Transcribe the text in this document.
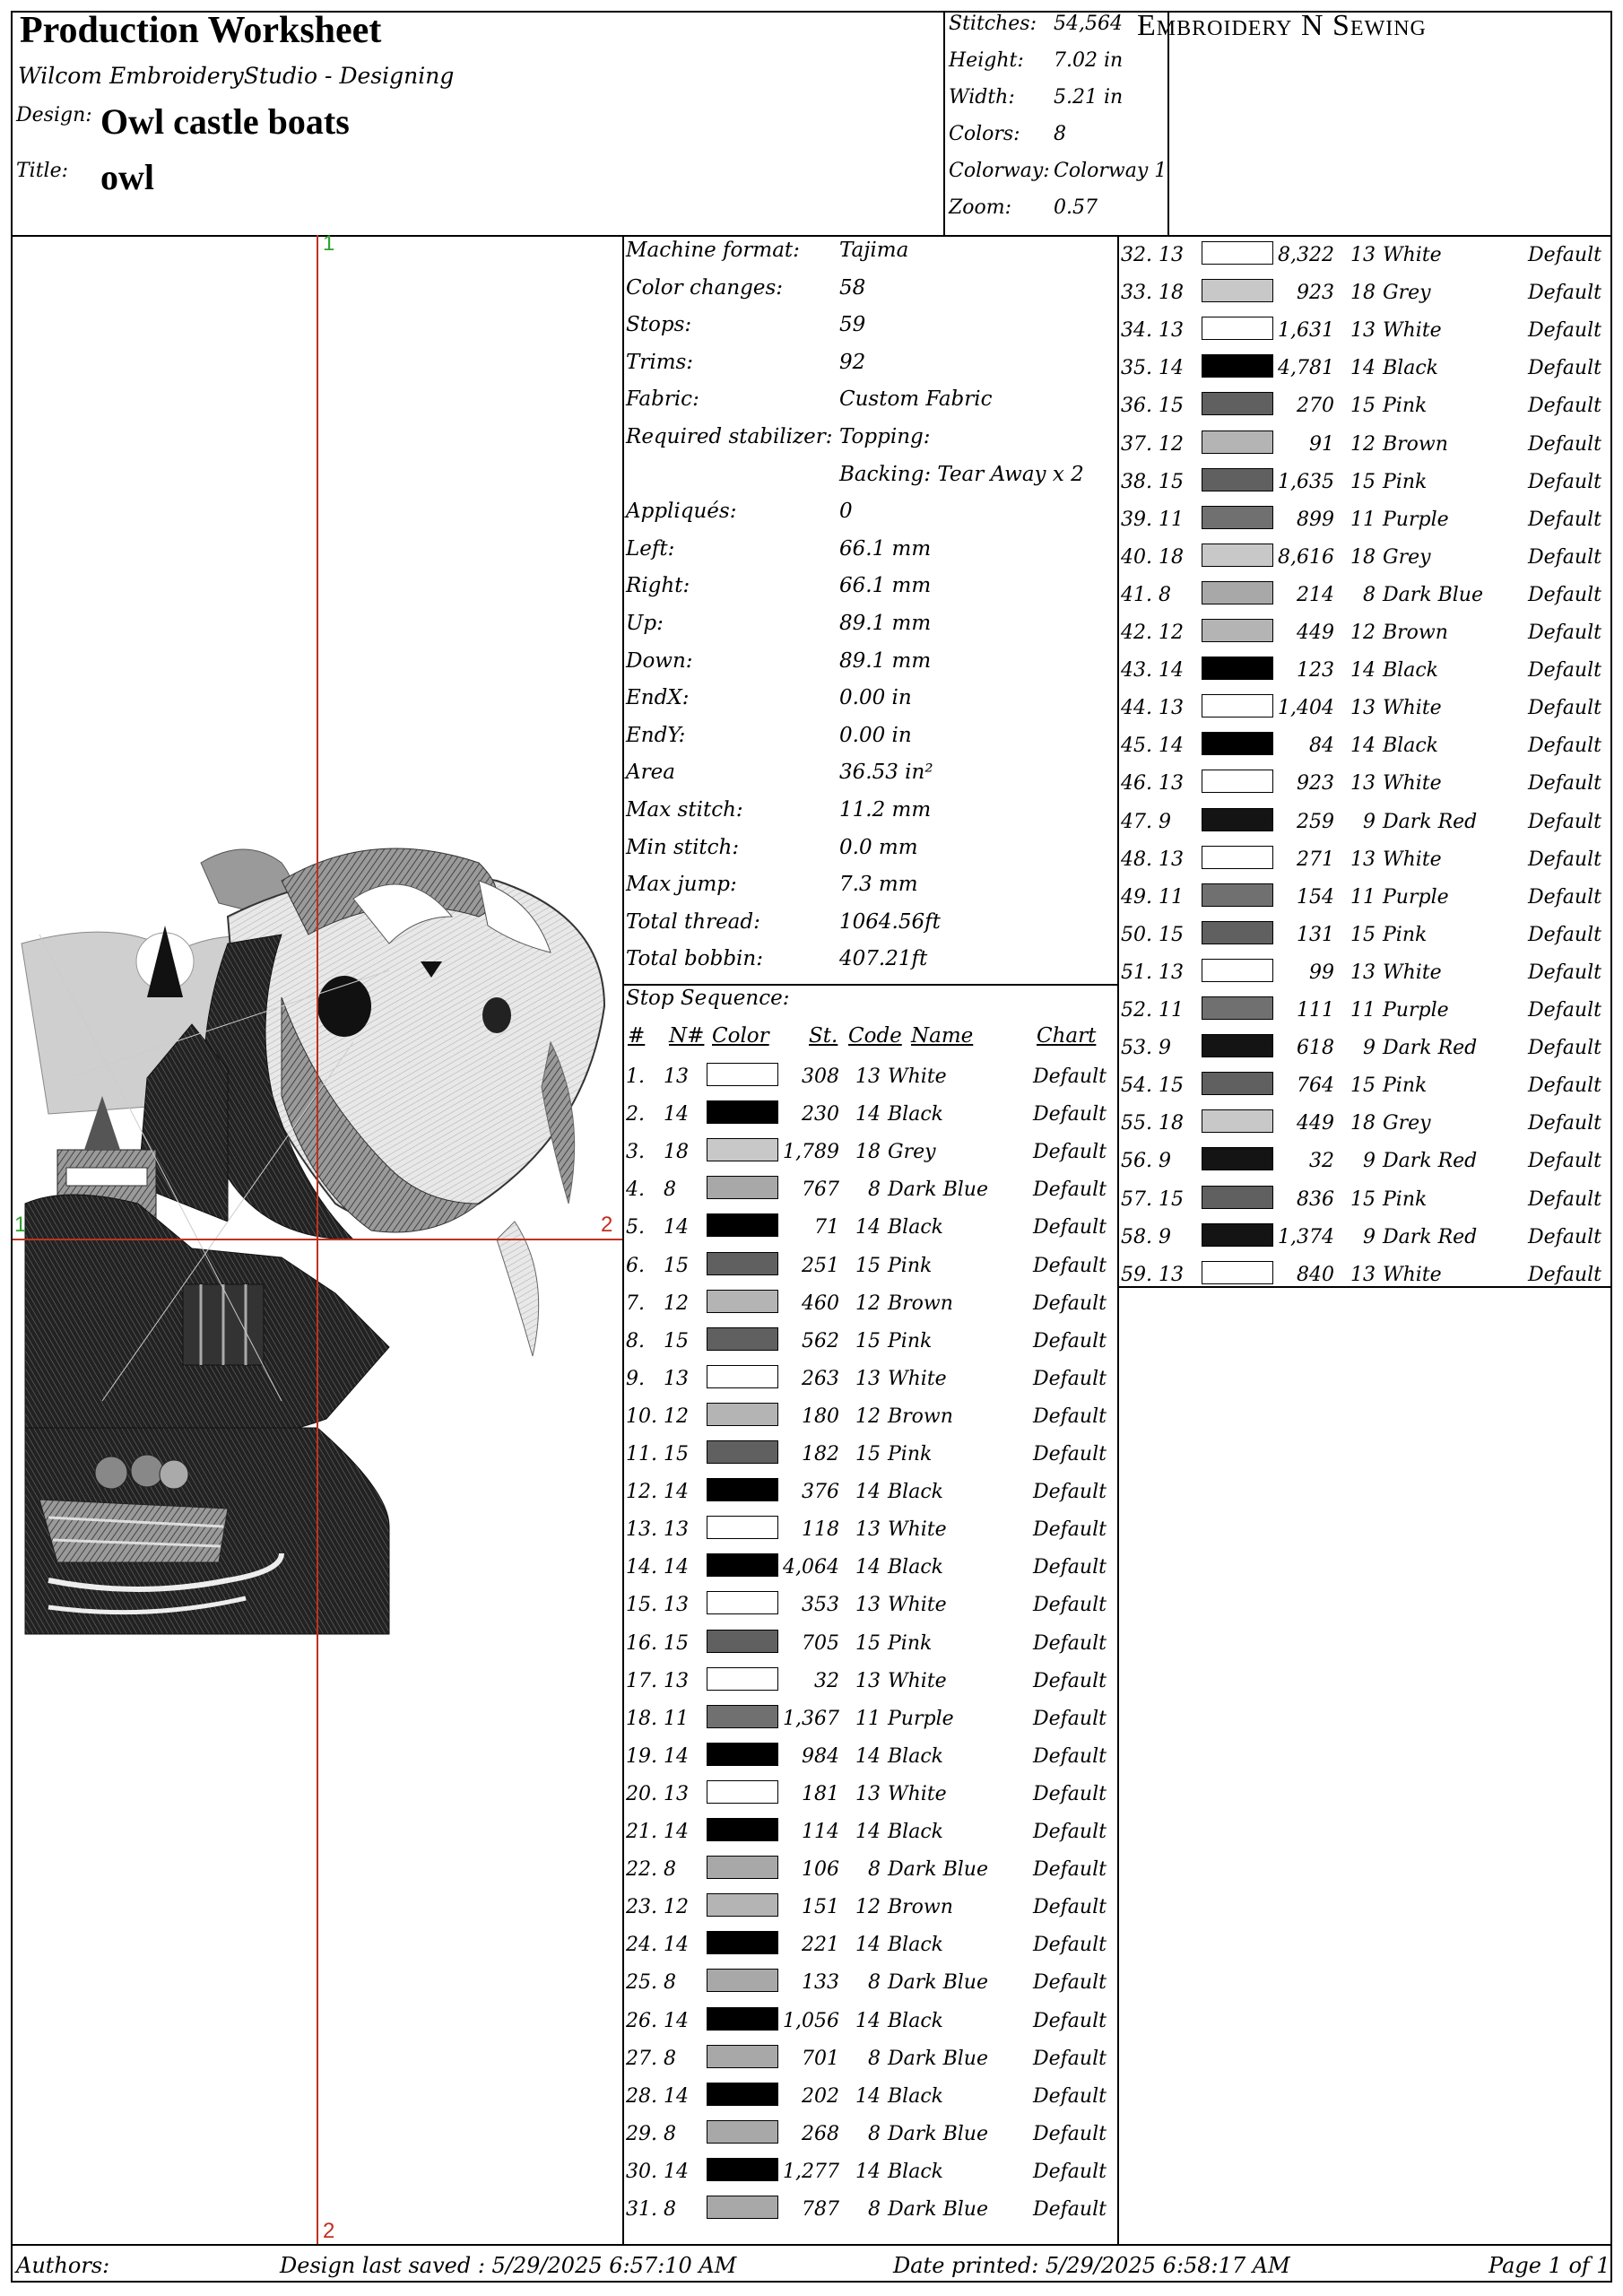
Production Worksheet
Wilcom EmbroideryStudio - Designing
Design: Owl castle boats
Title: owl
Embroidery N Sewing
Stitches: 54,564
Height: 7.02 in
Width: 5.21 in
Colors: 8
Colorway: Colorway 1
Zoom: 0.57
1
1	2
2
Machine format: Tajima
Color changes:	58
Stops:	59
Trims:	92
Fabric:	Custom Fabric
Required stabilizer: Topping:
Backing: Tear Away x 2
Appliqués:	0
Left:	66.1 mm
Right:	66.1 mm
Up:	89.1 mm
Down:	89.1 mm
EndX:	0.00 in
EndY:	0.00 in
Area	36.53 in²
Max stitch:	11.2 mm
Min stitch:	0.0 mm
Max jump:	7.3 mm
Total thread:	1064.56ft
Total bobbin:	407.21ft
Stop Sequence:
# N# Color St. Code Name	Chart
1. 13	308 13 White	Default
2. 14	230 14 Black	Default
3. 18	1,789 18 Grey	Default
4. 8	767	8 Dark Blue	Default
5. 14	71 14 Black	Default
6. 15	251 15 Pink	Default
7. 12	460 12 Brown	Default
8. 15	562 15 Pink	Default
9. 13	263 13 White	Default
10. 12	180 12 Brown	Default
11. 15	182 15 Pink	Default
12. 14	376 14 Black	Default
13. 13	118 13 White	Default
14. 14	4,064 14 Black	Default
15. 13	353 13 White	Default
16. 15	705 15 Pink	Default
17. 13	32 13 White	Default
18. 11	1,367 11 Purple	Default
19. 14	984 14 Black	Default
20. 13	181 13 White	Default
21. 14	114 14 Black	Default
22. 8	106	8 Dark Blue	Default
23. 12	151 12 Brown	Default
24. 14	221 14 Black	Default
25. 8	133	8 Dark Blue	Default
26. 14	1,056 14 Black	Default
27. 8	701	8 Dark Blue	Default
28. 14	202 14 Black	Default
29. 8	268	8 Dark Blue	Default
30. 14	1,277 14 Black	Default
31. 8	787	8 Dark Blue	Default
32. 13	8,322 13 White	Default
33. 18	923 18 Grey	Default
34. 13	1,631 13 White	Default
35. 14	4,781 14 Black	Default
36. 15	270 15 Pink	Default
37. 12	91 12 Brown	Default
38. 15	1,635 15 Pink	Default
39. 11	899 11 Purple	Default
40. 18	8,616 18 Grey	Default
41. 8	214	8 Dark Blue	Default
42. 12	449 12 Brown	Default
43. 14	123 14 Black	Default
44. 13	1,404 13 White	Default
45. 14	84 14 Black	Default
46. 13	923 13 White	Default
47. 9	259	9 Dark Red	Default
48. 13	271 13 White	Default
49. 11	154 11 Purple	Default
50. 15	131 15 Pink	Default
51. 13	99 13 White	Default
52. 11	111 11 Purple	Default
53. 9	618	9 Dark Red	Default
54. 15	764 15 Pink	Default
55. 18	449 18 Grey	Default
56. 9	32	9 Dark Red	Default
57. 15	836 15 Pink	Default
58. 9	1,374	9 Dark Red	Default
59. 13	840 13 White	Default
Authors:	Design last saved : 5/29/2025 6:57:10 AM	Date printed: 5/29/2025 6:58:17 AM	Page 1 of 1
